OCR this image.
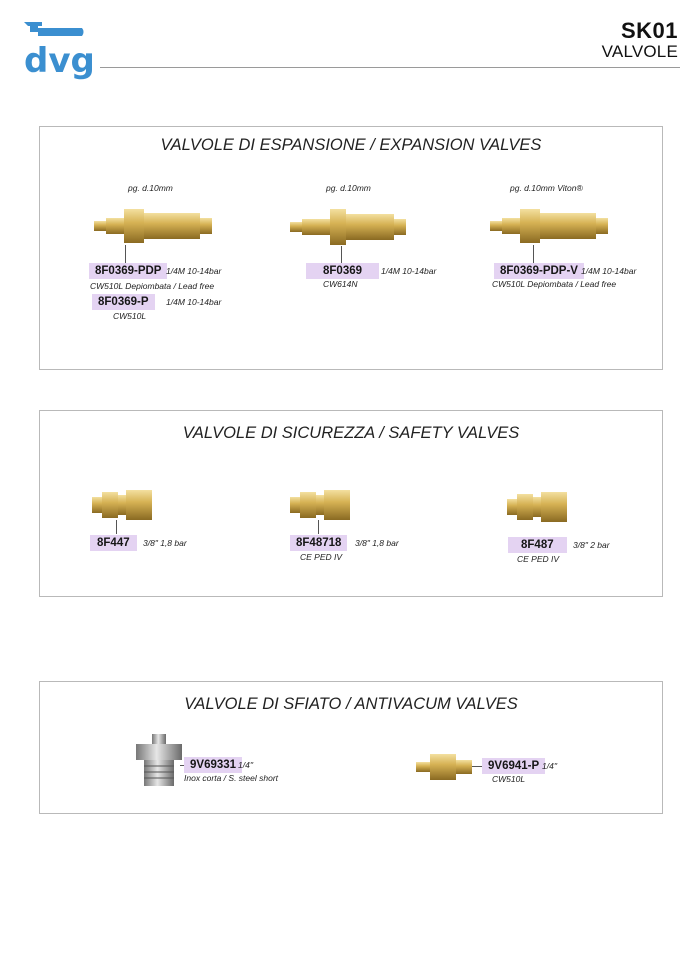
dvg
SK01
VALVOLE
VALVOLE DI ESPANSIONE / EXPANSION VALVES
pg. d.10mm
8F0369-PDP 1/4M 10-14bar
CW510L Depiombata / Lead free
8F0369-P	1/4M 10-14bar
CW510L
pg. d.10mm
8F0369	1/4M 10-14bar
CW614N
pg. d.10mm Viton®
8F0369-PDP-V 1/4M 10-14bar
CW510L Depiombata / Lead free
VALVOLE DI SICUREZZA / SAFETY VALVES
8F447	3/8" 1,8 bar	8F48718	3/8" 1,8 bar
CE PED IV
8F487	3/8" 2 bar
CE PED IV
VALVOLE DI SFIATO / ANTIVACUM VALVES
9V69331 1/4''
Inox corta / S. steel short
9V6941-P 1/4''
CW510L
